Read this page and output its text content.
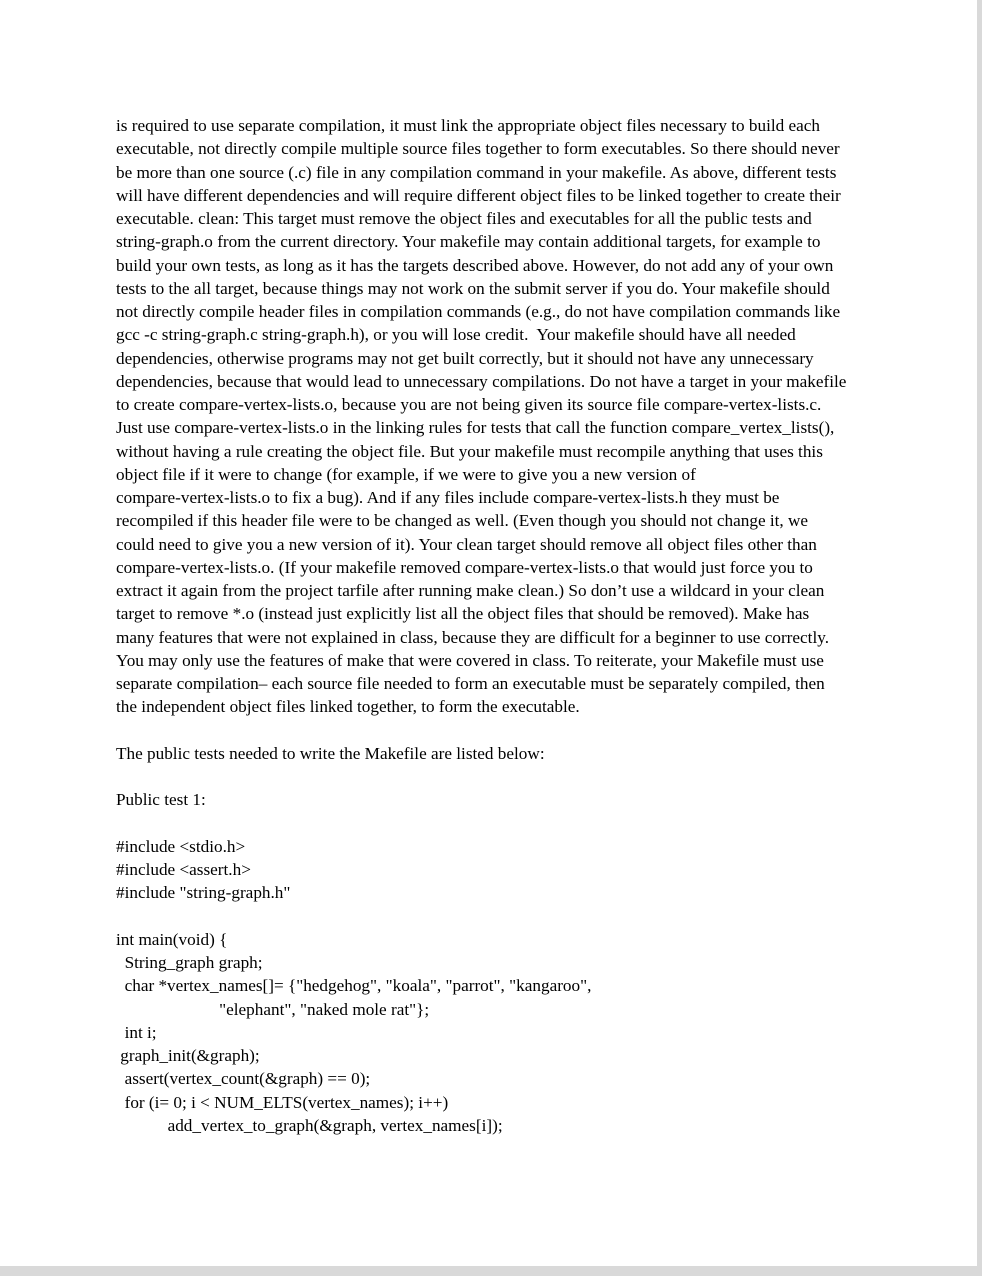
is required to use separate compilation, it must link the appropriate object files necessary to build each
executable, not directly compile multiple source files together to form executables. So there should never
be more than one source (.c) file in any compilation command in your makefile. As above, different tests
will have different dependencies and will require different object files to be linked together to create their
executable. clean: This target must remove the object files and executables for all the public tests and
string-graph.o from the current directory. Your makefile may contain additional targets, for example to
build your own tests, as long as it has the targets described above. However, do not add any of your own
tests to the all target, because things may not work on the submit server if you do. Your makefile should
not directly compile header files in compilation commands (e.g., do not have compilation commands like
gcc -c string-graph.c string-graph.h), or you will lose credit.  Your makefile should have all needed
dependencies, otherwise programs may not get built correctly, but it should not have any unnecessary
dependencies, because that would lead to unnecessary compilations. Do not have a target in your makefile
to create compare-vertex-lists.o, because you are not being given its source file compare-vertex-lists.c.
Just use compare-vertex-lists.o in the linking rules for tests that call the function compare_vertex_lists(),
without having a rule creating the object file. But your makefile must recompile anything that uses this
object file if it were to change (for example, if we were to give you a new version of
compare-vertex-lists.o to fix a bug). And if any files include compare-vertex-lists.h they must be
recompiled if this header file were to be changed as well. (Even though you should not change it, we
could need to give you a new version of it). Your clean target should remove all object files other than
compare-vertex-lists.o. (If your makefile removed compare-vertex-lists.o that would just force you to
extract it again from the project tarfile after running make clean.) So don’t use a wildcard in your clean
target to remove *.o (instead just explicitly list all the object files that should be removed). Make has
many features that were not explained in class, because they are difficult for a beginner to use correctly.
You may only use the features of make that were covered in class. To reiterate, your Makefile must use
separate compilation– each source file needed to form an executable must be separately compiled, then
the independent object files linked together, to form the executable.
The public tests needed to write the Makefile are listed below:
Public test 1:
#include <stdio.h>
#include <assert.h>
#include "string-graph.h"
int main(void) {
String_graph graph;
char *vertex_names[]= {"hedgehog", "koala", "parrot", "kangaroo",
"elephant", "naked mole rat"};
int i;
graph_init(&graph);
assert(vertex_count(&graph) == 0);
for (i= 0; i < NUM_ELTS(vertex_names); i++)
add_vertex_to_graph(&graph, vertex_names[i]);
